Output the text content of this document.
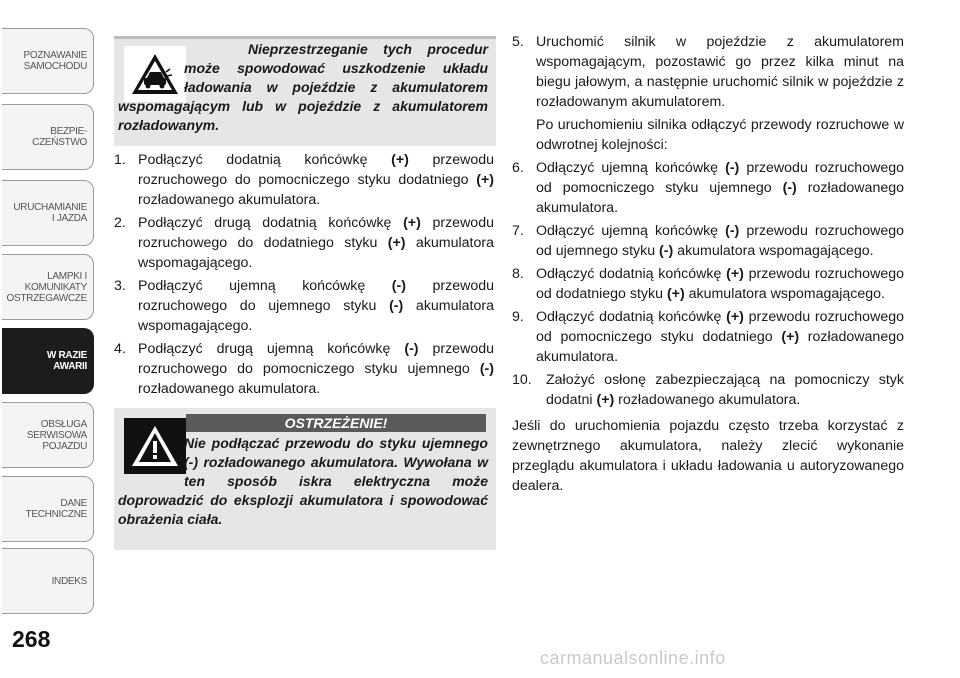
POZNAWANIE
SAMOCHODU
BEZPIE-
CZEŃSTWO
URUCHAMIANIE
I JAZDA
LAMPKI I
KOMUNIKATY
OSTRZEGAWCZE
W RAZIE
AWARII
OBSŁUGA
SERWISOWA
POJAZDU
DANE
TECHNICZNE
INDEKS
268
Nieprzestrzeganie tych procedur może spowodować uszkodzenie układu ładowania w pojeździe z akumulatorem wspomagającym lub w pojeździe z akumulatorem rozładowanym.
1. Podłączyć dodatnią końcówkę (+) przewodu rozruchowego do pomocniczego styku dodatniego (+) rozładowanego akumulatora.
2. Podłączyć drugą dodatnią końcówkę (+) przewodu rozruchowego do dodatniego styku (+) akumulatora wspomagającego.
3. Podłączyć ujemną końcówkę (-) przewodu rozruchowego do ujemnego styku (-) akumulatora wspomagającego.
4. Podłączyć drugą ujemną końcówkę (-) przewodu rozruchowego do pomocniczego styku ujemnego (-) rozładowanego akumulatora.
OSTRZEŻENIE!
Nie podłączać przewodu do styku ujemnego (-) rozładowanego akumulatora. Wywołana w ten sposób iskra elektryczna może doprowadzić do eksplozji akumulatora i spowodować obrażenia ciała.
5. Uruchomić silnik w pojeździe z akumulatorem wspomagającym, pozostawić go przez kilka minut na biegu jałowym, a następnie uruchomić silnik w pojeździe z rozładowanym akumulatorem.
Po uruchomieniu silnika odłączyć przewody rozruchowe w odwrotnej kolejności:
6. Odłączyć ujemną końcówkę (-) przewodu rozruchowego od pomocniczego styku ujemnego (-) rozładowanego akumulatora.
7. Odłączyć ujemną końcówkę (-) przewodu rozruchowego od ujemnego styku (-) akumulatora wspomagającego.
8. Odłączyć dodatnią końcówkę (+) przewodu rozruchowego od dodatniego styku (+) akumulatora wspomagającego.
9. Odłączyć dodatnią końcówkę (+) przewodu rozruchowego od pomocniczego styku dodatniego (+) rozładowanego akumulatora.
10. Założyć osłonę zabezpieczającą na pomocniczy styk dodatni (+) rozładowanego akumulatora.
Jeśli do uruchomienia pojazdu często trzeba korzystać z zewnętrznego akumulatora, należy zlecić wykonanie przeglądu akumulatora i układu ładowania u autoryzowanego dealera.
carmanualsonline.info
